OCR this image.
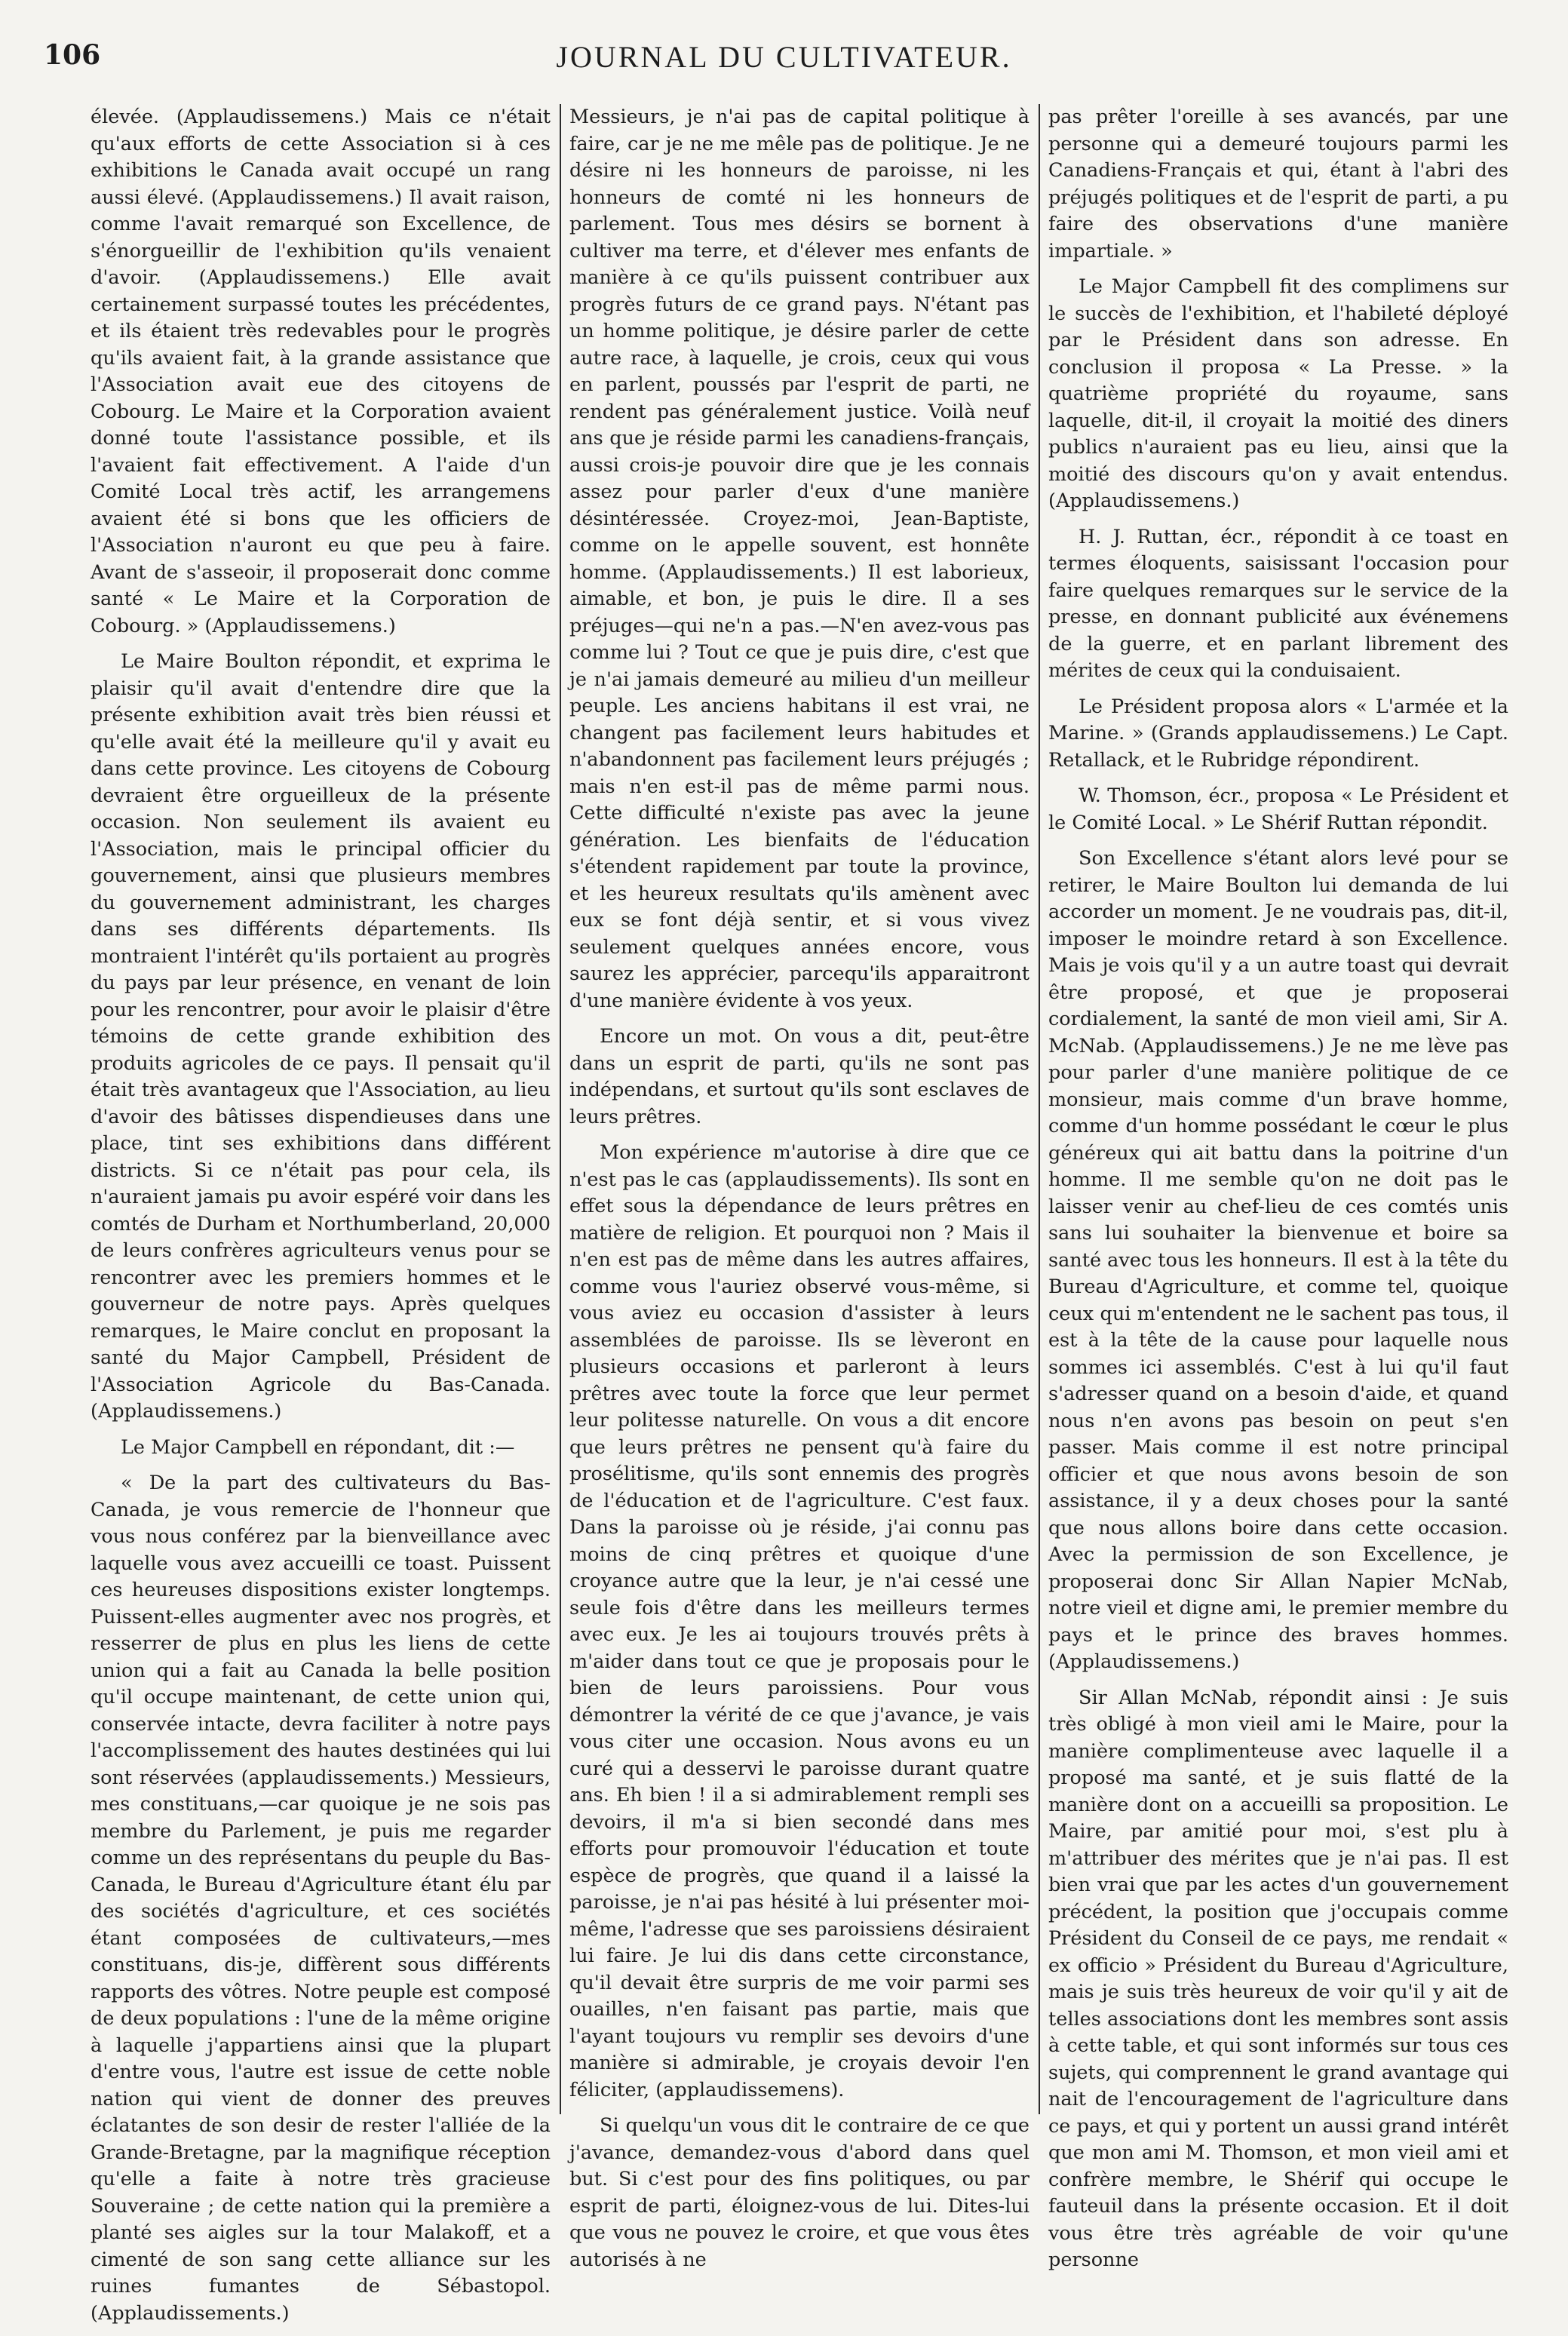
106	JOURNAL DU CULTIVATEUR.

élevée. (Applaudissemens.) Mais ce n'était qu'aux efforts de cette Association si à ces exhibitions le Canada avait occupé un rang aussi élevé. (Applaudissemens.) Il avait raison, comme l'avait remarqué son Excellence, de s'énorgueillir de l'exhibition qu'ils venaient d'avoir. (Applaudissemens.) Elle avait certainement surpassé toutes les précédentes, et ils étaient très redevables pour le progrès qu'ils avaient fait, à la grande assistance que l'Association avait eue des citoyens de Cobourg. Le Maire et la Corporation avaient donné toute l'assistance possible, et ils l'avaient fait effectivement. A l'aide d'un Comité Local très actif, les arrangemens avaient été si bons que les officiers de l'Association n'auront eu que peu à faire. Avant de s'asseoir, il proposerait donc comme santé « Le Maire et la Corporation de Cobourg. » (Applaudissemens.)

Le Maire Boulton répondit, et exprima le plaisir qu'il avait d'entendre dire que la présente exhibition avait très bien réussi et qu'elle avait été la meilleure qu'il y avait eu dans cette province. Les citoyens de Cobourg devraient être orgueilleux de la présente occasion. Non seulement ils avaient eu l'Association, mais le principal officier du gouvernement, ainsi que plusieurs membres du gouvernement administrant, les charges dans ses différents départements. Ils montraient l'intérêt qu'ils portaient au progrès du pays par leur présence, en venant de loin pour les rencontrer, pour avoir le plaisir d'être témoins de cette grande exhibition des produits agricoles de ce pays. Il pensait qu'il était très avantageux que l'Association, au lieu d'avoir des bâtisses dispendieuses dans une place, tint ses exhibitions dans différent districts. Si ce n'était pas pour cela, ils n'auraient jamais pu avoir espéré voir dans les comtés de Durham et Northumberland, 20,000 de leurs confrères agriculteurs venus pour se rencontrer avec les premiers hommes et le gouverneur de notre pays. Après quelques remarques, le Maire conclut en proposant la santé du Major Campbell, Président de l'Association Agricole du Bas-Canada. (Applaudissemens.)

Le Major Campbell en répondant, dit :—

« De la part des cultivateurs du Bas-Canada, je vous remercie de l'honneur que vous nous conférez par la bienveillance avec laquelle vous avez accueilli ce toast. Puissent ces heureuses dispositions exister longtemps. Puissent-elles augmenter avec nos progrès, et resserrer de plus en plus les liens de cette union qui a fait au Canada la belle position qu'il occupe maintenant, de cette union qui, conservée intacte, devra faciliter à notre pays l'accomplissement des hautes destinées qui lui sont réservées (applaudissements.) Messieurs, mes constituans,—car quoique je ne sois pas membre du Parlement, je puis me regarder comme un des représentans du peuple du Bas-Canada, le Bureau d'Agriculture étant élu par des sociétés d'agriculture, et ces sociétés étant composées de cultivateurs,—mes constituans, dis-je, diffèrent sous différents rapports des vôtres. Notre peuple est composé de deux populations : l'une de la même origine à laquelle j'appartiens ainsi que la plupart d'entre vous, l'autre est issue de cette noble nation qui vient de donner des preuves éclatantes de son desir de rester l'alliée de la Grande-Bretagne, par la magnifique réception qu'elle a faite à notre très gracieuse Souveraine ; de cette nation qui la première a planté ses aigles sur la tour Malakoff, et a cimenté de son sang cette alliance sur les ruines fumantes de Sébastopol. (Applaudissements.)

Messieurs, je n'ai pas de capital politique à faire, car je ne me mêle pas de politique. Je ne désire ni les honneurs de paroisse, ni les honneurs de comté ni les honneurs de parlement. Tous mes désirs se bornent à cultiver ma terre, et d'élever mes enfants de manière à ce qu'ils puissent contribuer aux progrès futurs de ce grand pays. N'étant pas un homme politique, je désire parler de cette autre race, à laquelle, je crois, ceux qui vous en parlent, poussés par l'esprit de parti, ne rendent pas généralement justice. Voilà neuf ans que je réside parmi les canadiens-français, aussi crois-je pouvoir dire que je les connais assez pour parler d'eux d'une manière désintéressée. Croyez-moi, Jean-Baptiste, comme on le appelle souvent, est honnête homme. (Applaudissements.) Il est laborieux, aimable, et bon, je puis le dire. Il a ses préjuges—qui ne'n a pas.—N'en avez-vous pas comme lui ? Tout ce que je puis dire, c'est que je n'ai jamais demeuré au milieu d'un meilleur peuple. Les anciens habitans il est vrai, ne changent pas facilement leurs habitudes et n'abandonnent pas facilement leurs préjugés ; mais n'en est-il pas de même parmi nous. Cette difficulté n'existe pas avec la jeune génération. Les bienfaits de l'éducation s'étendent rapidement par toute la province, et les heureux resultats qu'ils amènent avec eux se font déjà sentir, et si vous vivez seulement quelques années encore, vous saurez les apprécier, parcequ'ils apparaitront d'une manière évidente à vos yeux.

Encore un mot. On vous a dit, peut-être dans un esprit de parti, qu'ils ne sont pas indépendans, et surtout qu'ils sont esclaves de leurs prêtres.

Mon expérience m'autorise à dire que ce n'est pas le cas (applaudissements). Ils sont en effet sous la dépendance de leurs prêtres en matière de religion. Et pourquoi non ? Mais il n'en est pas de même dans les autres affaires, comme vous l'auriez observé vous-même, si vous aviez eu occasion d'assister à leurs assemblées de paroisse. Ils se lèveront en plusieurs occasions et parleront à leurs prêtres avec toute la force que leur permet leur politesse naturelle. On vous a dit encore que leurs prêtres ne pensent qu'à faire du prosélitisme, qu'ils sont ennemis des progrès de l'éducation et de l'agriculture. C'est faux. Dans la paroisse où je réside, j'ai connu pas moins de cinq prêtres et quoique d'une croyance autre que la leur, je n'ai cessé une seule fois d'être dans les meilleurs termes avec eux. Je les ai toujours trouvés prêts à m'aider dans tout ce que je proposais pour le bien de leurs paroissiens. Pour vous démontrer la vérité de ce que j'avance, je vais vous citer une occasion. Nous avons eu un curé qui a desservi le paroisse durant quatre ans. Eh bien ! il a si admirablement rempli ses devoirs, il m'a si bien secondé dans mes efforts pour promouvoir l'éducation et toute espèce de progrès, que quand il a laissé la paroisse, je n'ai pas hésité à lui présenter moi-même, l'adresse que ses paroissiens désiraient lui faire. Je lui dis dans cette circonstance, qu'il devait être surpris de me voir parmi ses ouailles, n'en faisant pas partie, mais que l'ayant toujours vu remplir ses devoirs d'une manière si admirable, je croyais devoir l'en féliciter, (applaudissemens).

Si quelqu'un vous dit le contraire de ce que j'avance, demandez-vous d'abord dans quel but. Si c'est pour des fins politiques, ou par esprit de parti, éloignez-vous de lui. Dites-lui que vous ne pouvez le croire, et que vous êtes autorisés à ne

pas prêter l'oreille à ses avancés, par une personne qui a demeuré toujours parmi les Canadiens-Français et qui, étant à l'abri des préjugés politiques et de l'esprit de parti, a pu faire des observations d'une manière impartiale. »

Le Major Campbell fit des complimens sur le succès de l'exhibition, et l'habileté déployé par le Président dans son adresse. En conclusion il proposa « La Presse. » la quatrième propriété du royaume, sans laquelle, dit-il, il croyait la moitié des diners publics n'auraient pas eu lieu, ainsi que la moitié des discours qu'on y avait entendus. (Applaudissemens.)

H. J. Ruttan, écr., répondit à ce toast en termes éloquents, saisissant l'occasion pour faire quelques remarques sur le service de la presse, en donnant publicité aux événemens de la guerre, et en parlant librement des mérites de ceux qui la conduisaient.

Le Président proposa alors « L'armée et la Marine. » (Grands applaudissemens.) Le Capt. Retallack, et le Rubridge répondirent.

W. Thomson, écr., proposa « Le Président et le Comité Local. » Le Shérif Ruttan répondit.

Son Excellence s'étant alors levé pour se retirer, le Maire Boulton lui demanda de lui accorder un moment. Je ne voudrais pas, dit-il, imposer le moindre retard à son Excellence. Mais je vois qu'il y a un autre toast qui devrait être proposé, et que je proposerai cordialement, la santé de mon vieil ami, Sir A. McNab. (Applaudissemens.) Je ne me lève pas pour parler d'une manière politique de ce monsieur, mais comme d'un brave homme, comme d'un homme possédant le cœur le plus généreux qui ait battu dans la poitrine d'un homme. Il me semble qu'on ne doit pas le laisser venir au chef-lieu de ces comtés unis sans lui souhaiter la bienvenue et boire sa santé avec tous les honneurs. Il est à la tête du Bureau d'Agriculture, et comme tel, quoique ceux qui m'entendent ne le sachent pas tous, il est à la tête de la cause pour laquelle nous sommes ici assemblés. C'est à lui qu'il faut s'adresser quand on a besoin d'aide, et quand nous n'en avons pas besoin on peut s'en passer. Mais comme il est notre principal officier et que nous avons besoin de son assistance, il y a deux choses pour la santé que nous allons boire dans cette occasion. Avec la permission de son Excellence, je proposerai donc Sir Allan Napier McNab, notre vieil et digne ami, le premier membre du pays et le prince des braves hommes. (Applaudissemens.)

Sir Allan McNab, répondit ainsi : Je suis très obligé à mon vieil ami le Maire, pour la manière complimenteuse avec laquelle il a proposé ma santé, et je suis flatté de la manière dont on a accueilli sa proposition. Le Maire, par amitié pour moi, s'est plu à m'attribuer des mérites que je n'ai pas. Il est bien vrai que par les actes d'un gouvernement précédent, la position que j'occupais comme Président du Conseil de ce pays, me rendait « ex officio » Président du Bureau d'Agriculture, mais je suis très heureux de voir qu'il y ait de telles associations dont les membres sont assis à cette table, et qui sont informés sur tous ces sujets, qui comprennent le grand avantage qui nait de l'encouragement de l'agriculture dans ce pays, et qui y portent un aussi grand intérêt que mon ami M. Thomson, et mon vieil ami et confrère membre, le Shérif qui occupe le fauteuil dans la présente occasion. Et il doit vous être très agréable de voir qu'une personne
